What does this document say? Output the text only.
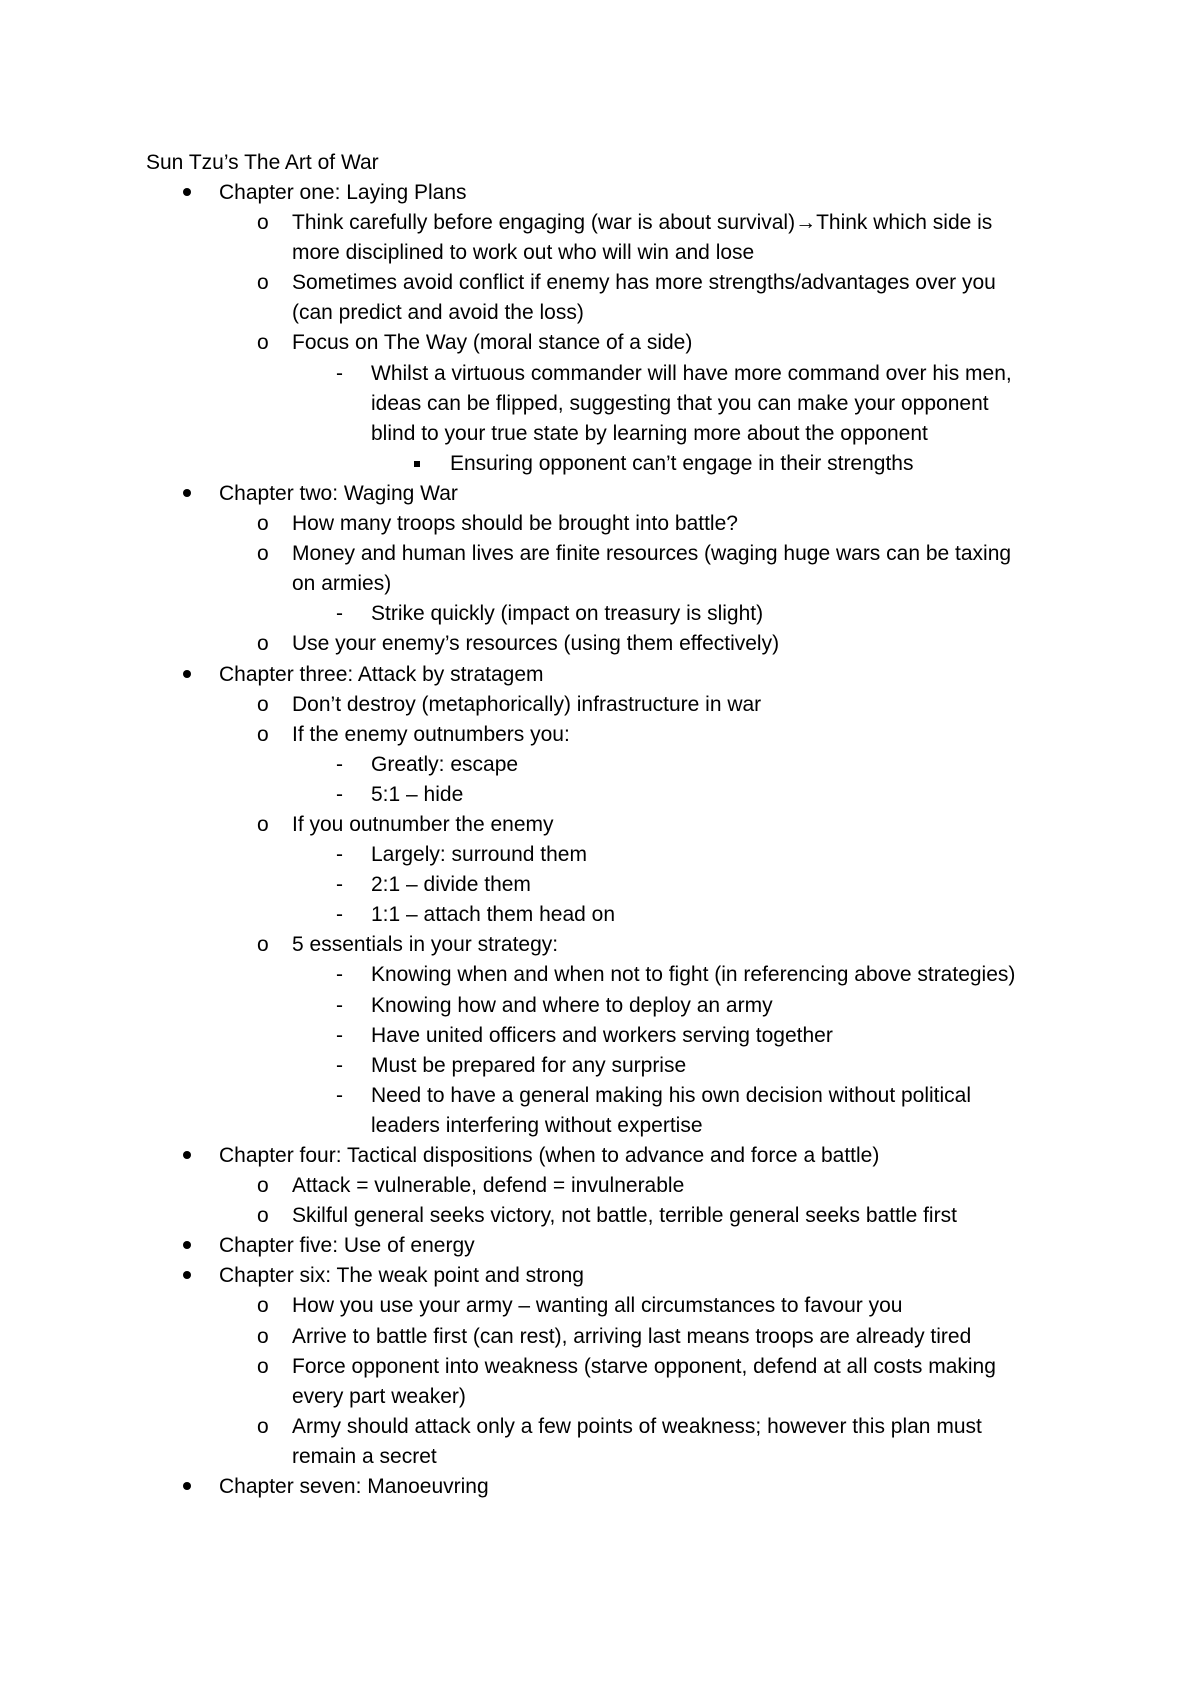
Sun Tzu’s The Art of War
Chapter one: Laying Plans
o Think carefully before engaging (war is about survival)→Think which side is
more disciplined to work out who will win and lose
o Sometimes avoid conflict if enemy has more strengths/advantages over you
(can predict and avoid the loss)
o Focus on The Way (moral stance of a side)
- Whilst a virtuous commander will have more command over his men,
ideas can be flipped, suggesting that you can make your opponent
blind to your true state by learning more about the opponent
Ensuring opponent can’t engage in their strengths
Chapter two: Waging War
o How many troops should be brought into battle?
o Money and human lives are finite resources (waging huge wars can be taxing
on armies)
- Strike quickly (impact on treasury is slight)
o Use your enemy’s resources (using them effectively)
Chapter three: Attack by stratagem
o Don’t destroy (metaphorically) infrastructure in war
o If the enemy outnumbers you:
- Greatly: escape
- 5:1 – hide
o If you outnumber the enemy
- Largely: surround them
- 2:1 – divide them
- 1:1 – attach them head on
o 5 essentials in your strategy:
- Knowing when and when not to fight (in referencing above strategies)
- Knowing how and where to deploy an army
- Have united officers and workers serving together
- Must be prepared for any surprise
- Need to have a general making his own decision without political
leaders interfering without expertise
Chapter four: Tactical dispositions (when to advance and force a battle)
o Attack = vulnerable, defend = invulnerable
o Skilful general seeks victory, not battle, terrible general seeks battle first
Chapter five: Use of energy
Chapter six: The weak point and strong
o How you use your army – wanting all circumstances to favour you
o Arrive to battle first (can rest), arriving last means troops are already tired
o Force opponent into weakness (starve opponent, defend at all costs making
every part weaker)
o Army should attack only a few points of weakness; however this plan must
remain a secret
Chapter seven: Manoeuvring
